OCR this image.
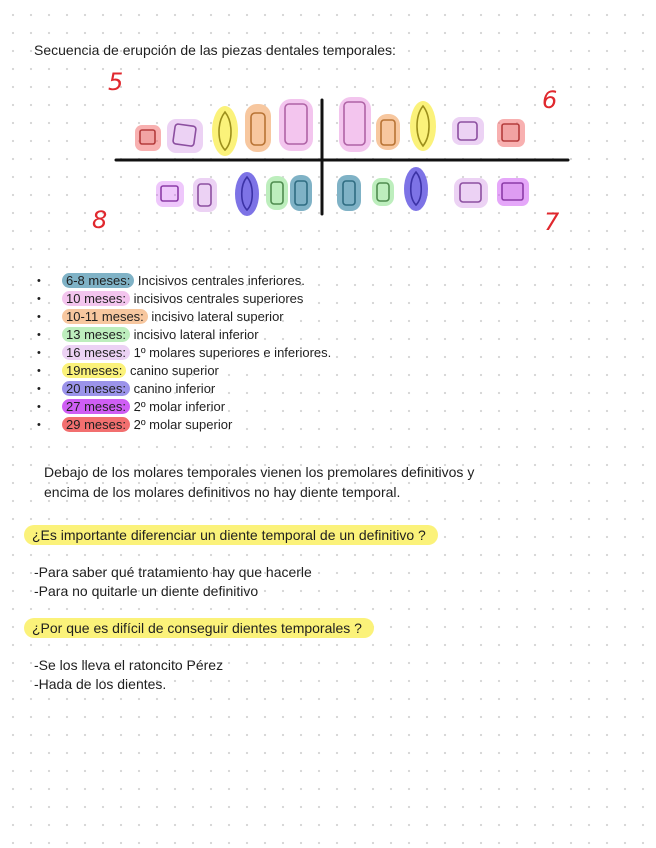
Secuencia de erupción de las piezas dentales temporales:
5
6
8	7
• 6-8 meses: Incisivos centrales inferiores.
• 10 meses: incisivos centrales superiores
• 10-11 meses: incisivo lateral superior
• 13 meses: incisivo lateral inferior
• 16 meses: 1º molares superiores e inferiores.
• 19meses: canino superior
• 20 meses: canino inferior
• 27 meses: 2º molar inferior
• 29 meses: 2º molar superior
Debajo de los molares temporales vienen los premolares definitivos y
encima de los molares definitivos no hay diente temporal.
¿Es importante diferenciar un diente temporal de un definitivo ?
-Para saber qué tratamiento hay que hacerle
-Para no quitarle un diente definitivo
¿Por que es difícil de conseguir dientes temporales ?
-Se los lleva el ratoncito Pérez
-Hada de los dientes.
